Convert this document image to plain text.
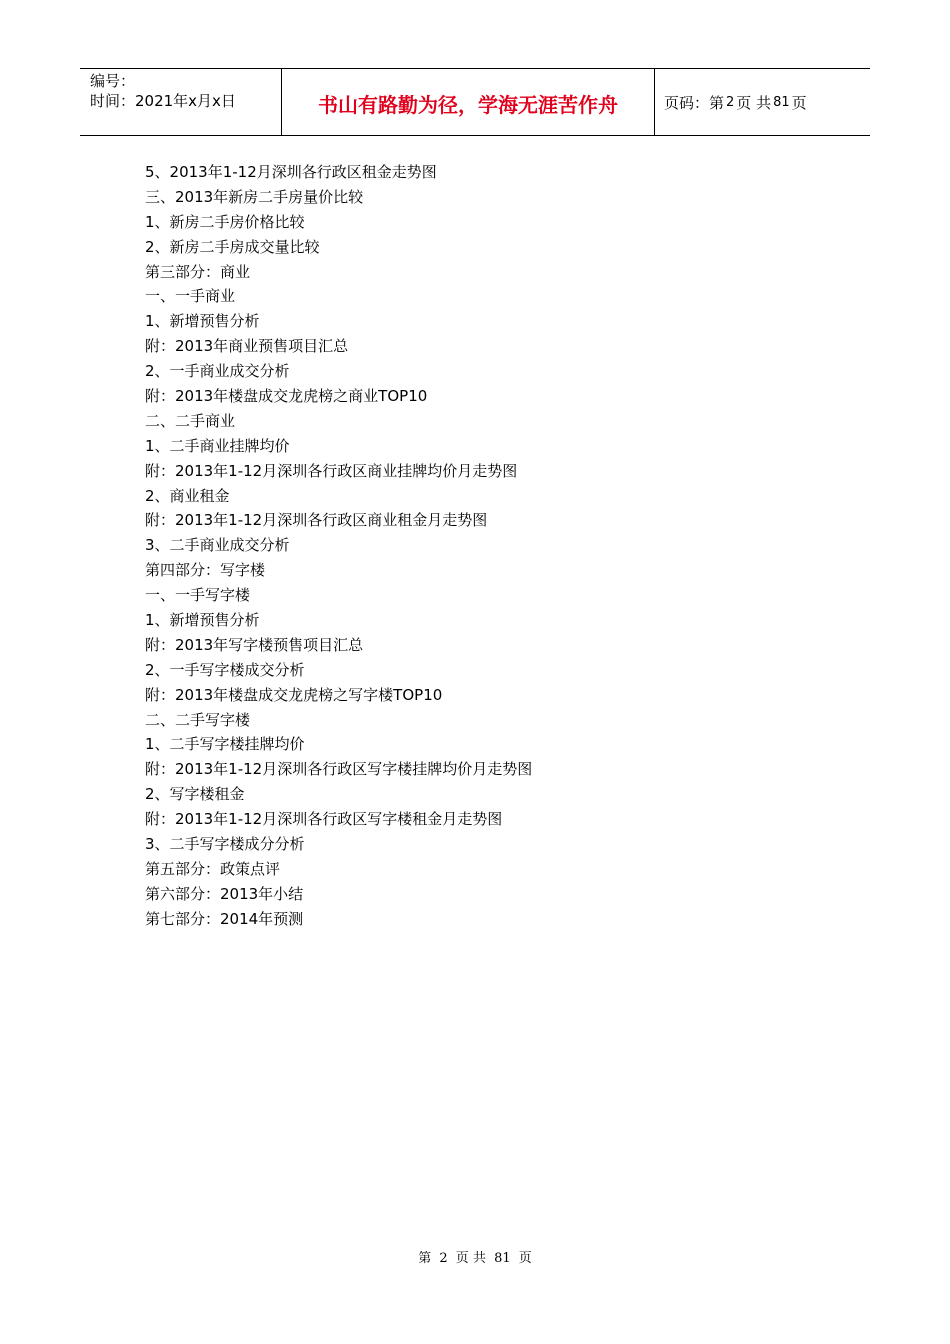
编号：
时间：2021年x月x日	书山有路勤为径，学海无涯苦作舟	页码：第 2 页 共 81 页
5、2013年1-12月深圳各行政区租金走势图
三、2013年新房二手房量价比较
1、新房二手房价格比较
2、新房二手房成交量比较
第三部分：商业
一、一手商业
1、新增预售分析
附：2013年商业预售项目汇总
2、一手商业成交分析
附：2013年楼盘成交龙虎榜之商业TOP10
二、二手商业
1、二手商业挂牌均价
附：2013年1-12月深圳各行政区商业挂牌均价月走势图
2、商业租金
附：2013年1-12月深圳各行政区商业租金月走势图
3、二手商业成交分析
第四部分：写字楼
一、一手写字楼
1、新增预售分析
附：2013年写字楼预售项目汇总
2、一手写字楼成交分析
附：2013年楼盘成交龙虎榜之写字楼TOP10
二、二手写字楼
1、二手写字楼挂牌均价
附：2013年1-12月深圳各行政区写字楼挂牌均价月走势图
2、写字楼租金
附：2013年1-12月深圳各行政区写字楼租金月走势图
3、二手写字楼成分分析
第五部分：政策点评
第六部分：2013年小结
第七部分：2014年预测
第 2 页 共 81 页
